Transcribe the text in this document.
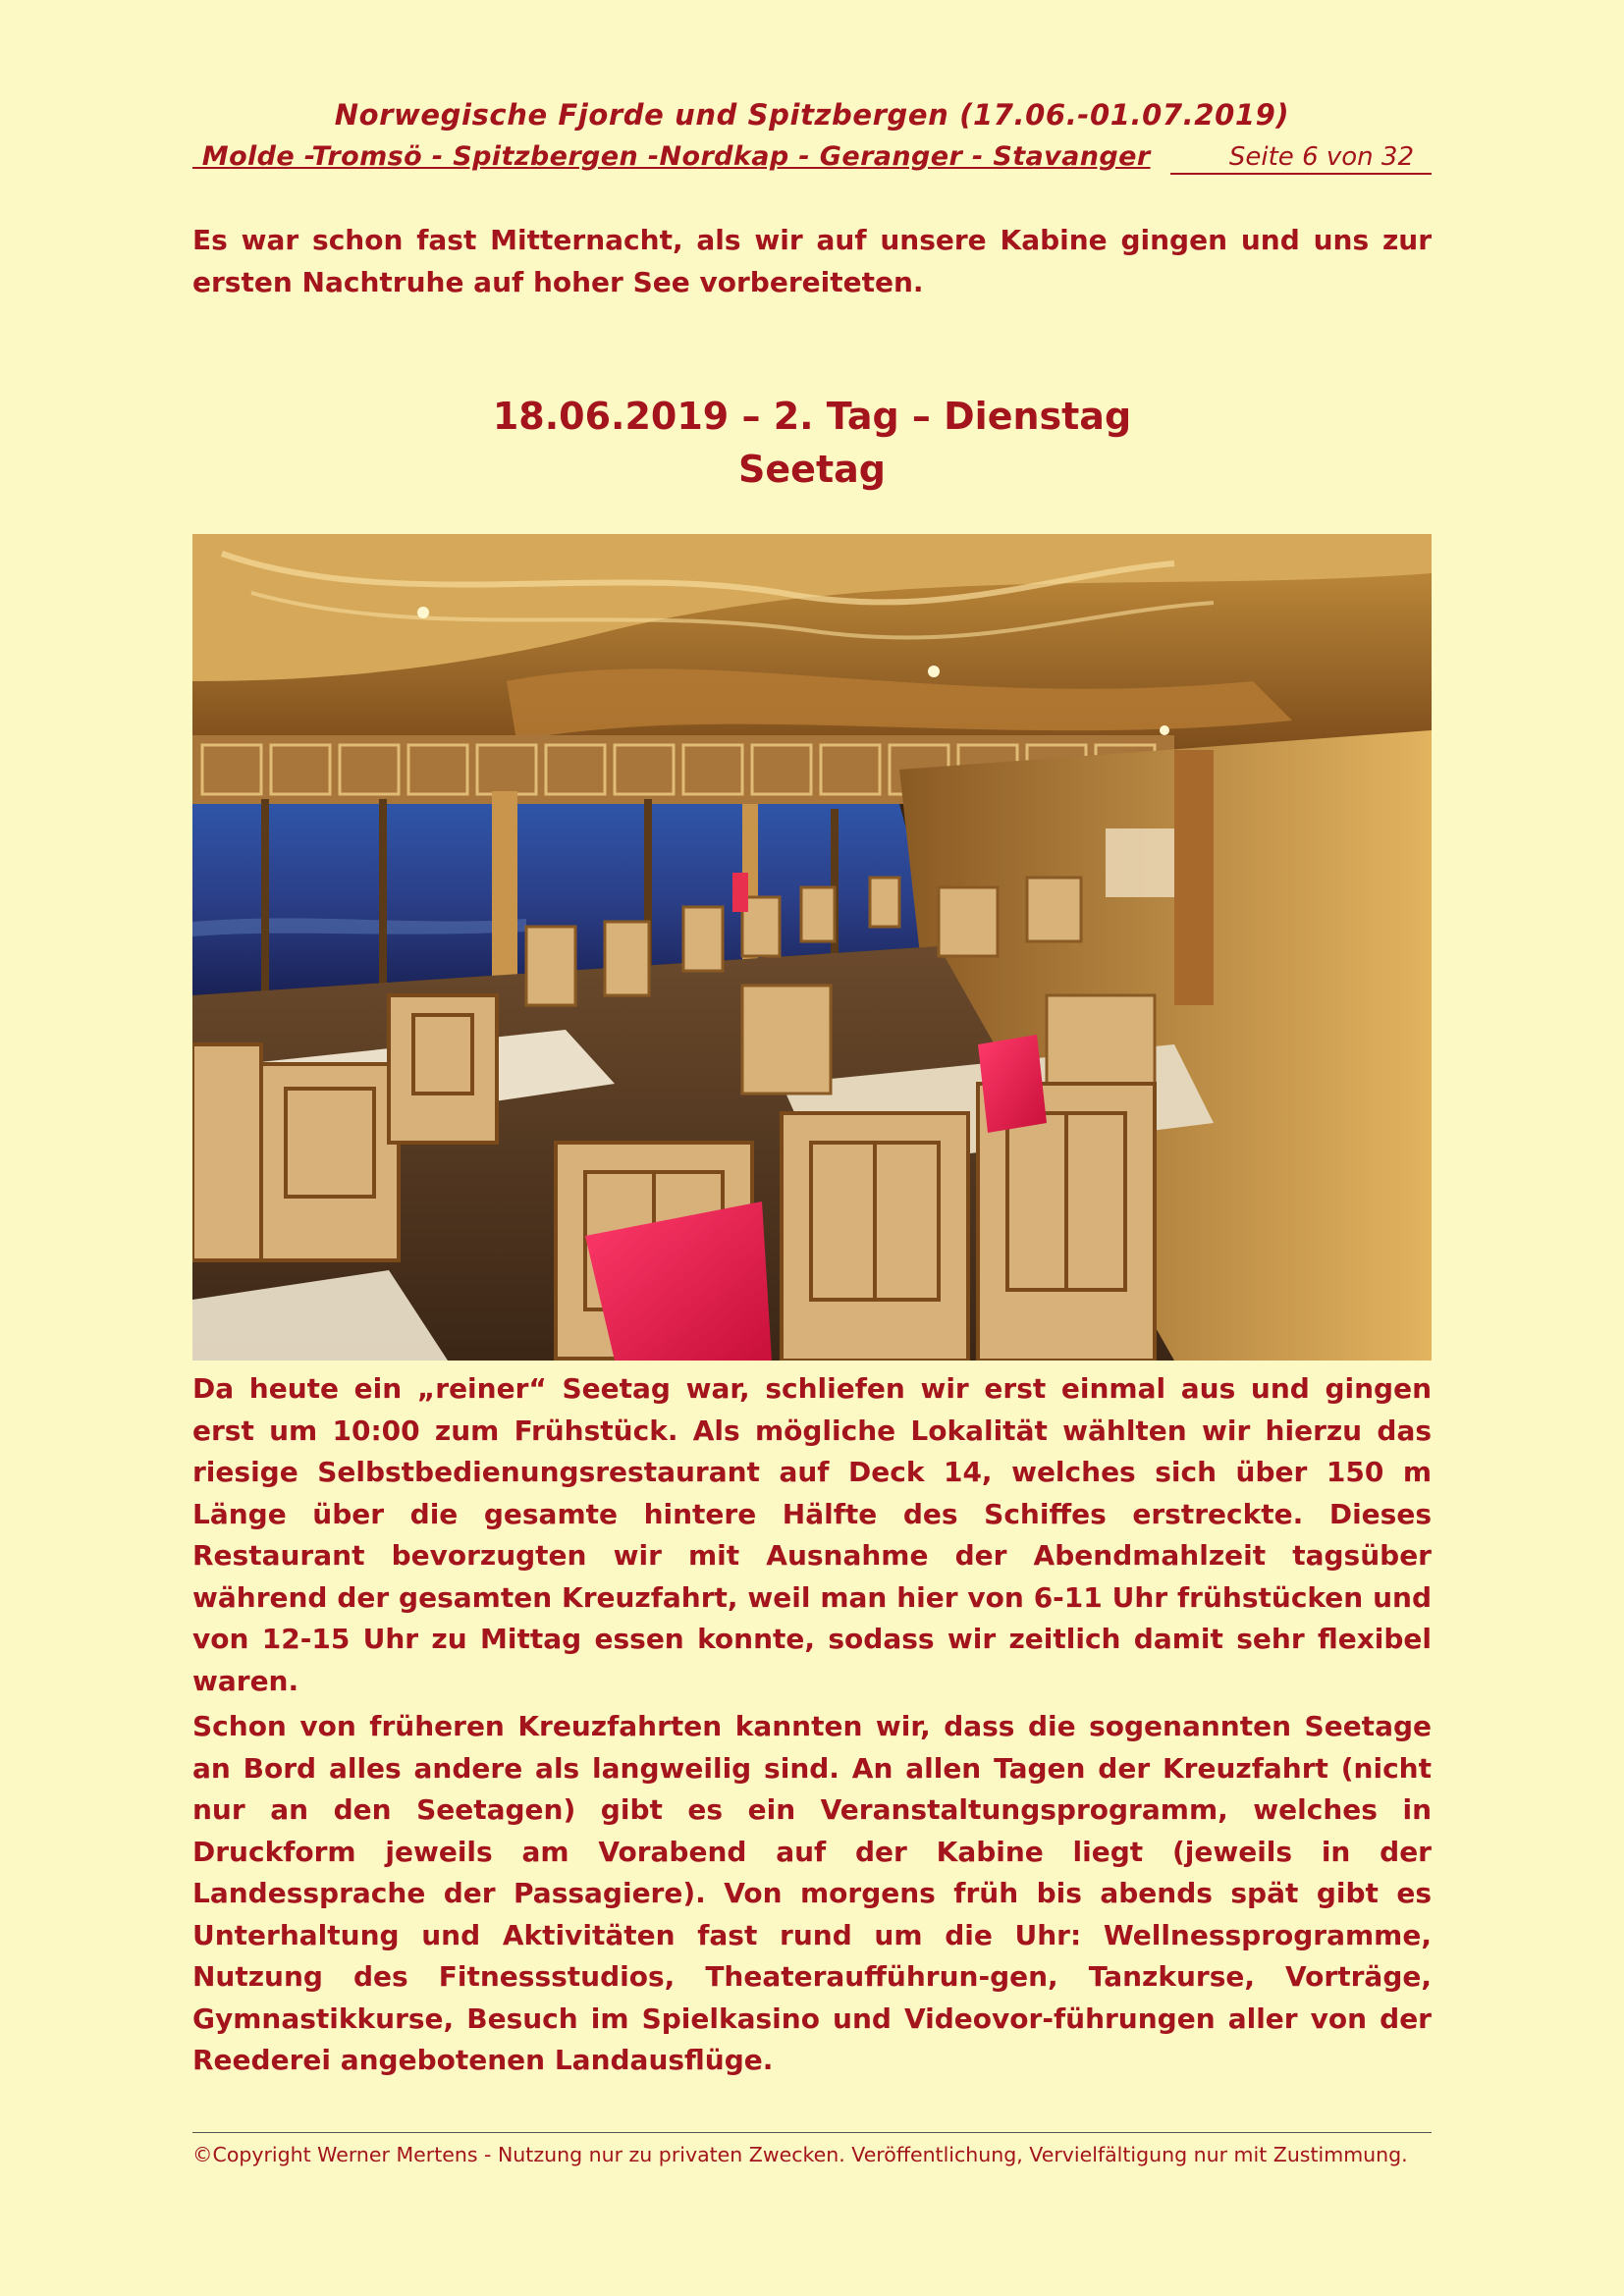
Norwegische Fjorde und Spitzbergen (17.06.-01.07.2019)
Molde -Tromsö - Spitzbergen -Nordkap - Geranger - Stavanger	Seite 6 von 32

Es war schon fast Mitternacht, als wir auf unsere Kabine gingen und uns zur ersten Nachtruhe auf hoher See vorbereiteten.

18.06.2019 – 2. Tag – Dienstag
Seetag

Da heute ein „reiner“ Seetag war, schliefen wir erst einmal aus und gingen erst um 10:00 zum Frühstück. Als mögliche Lokalität wählten wir hierzu das riesige Selbstbedienungsrestaurant auf Deck 14, welches sich über 150 m Länge über die gesamte hintere Hälfte des Schiffes erstreckte. Dieses Restaurant bevorzugten wir mit Ausnahme der Abendmahlzeit tagsüber während der gesamten Kreuzfahrt, weil man hier von 6-11 Uhr frühstücken und von 12-15 Uhr zu Mittag essen konnte, sodass wir zeitlich damit sehr flexibel waren.

Schon von früheren Kreuzfahrten kannten wir, dass die sogenannten Seetage an Bord alles andere als langweilig sind. An allen Tagen der Kreuzfahrt (nicht nur an den Seetagen) gibt es ein Veranstaltungsprogramm, welches in Druckform jeweils am Vorabend auf der Kabine liegt (jeweils in der Landessprache der Passagiere). Von morgens früh bis abends spät gibt es Unterhaltung und Aktivitäten fast rund um die Uhr: Wellnessprogramme, Nutzung des Fitnessstudios, Theateraufführun-gen, Tanzkurse, Vorträge, Gymnastikkurse, Besuch im Spielkasino und Videovor-führungen aller von der Reederei angebotenen Landausflüge.

©Copyright Werner Mertens - Nutzung nur zu privaten Zwecken. Veröffentlichung, Vervielfältigung nur mit Zustimmung.
